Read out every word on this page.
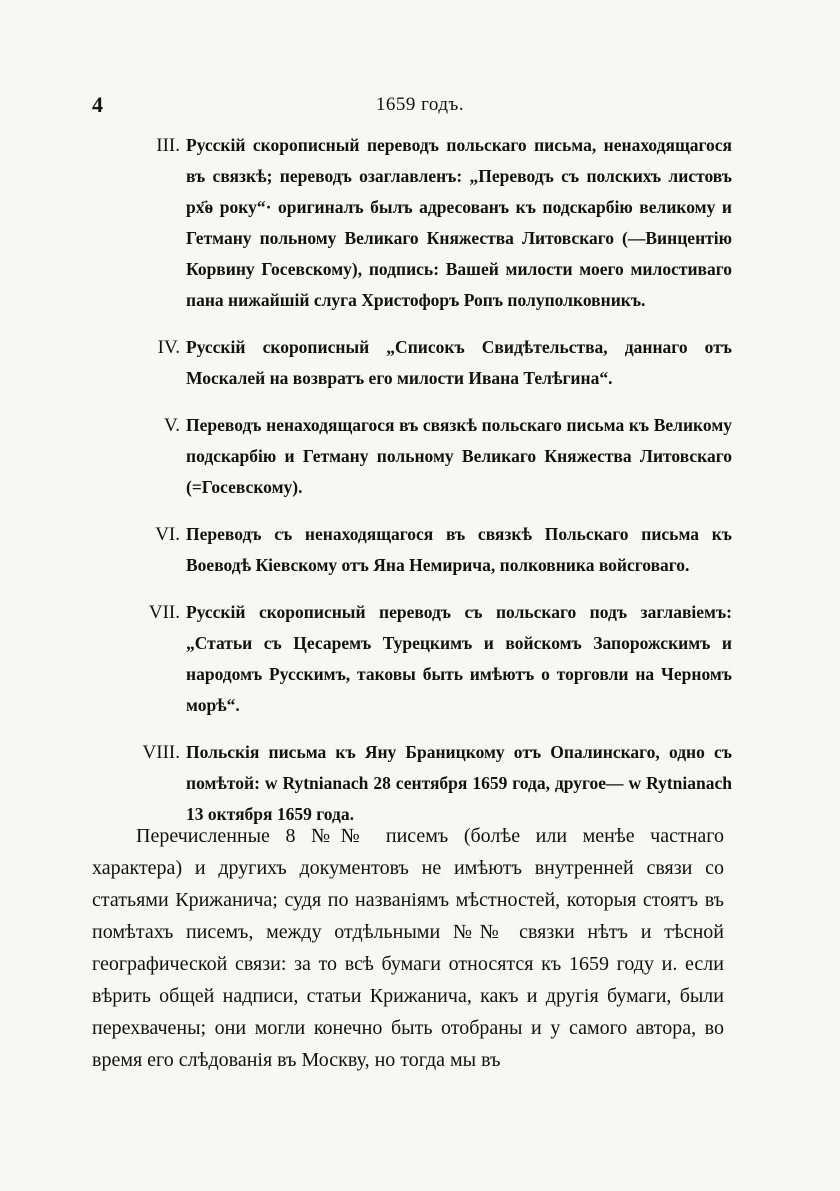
4	1659 годъ.
III. Русскій скорописный переводъ польскаго письма, ненаходящагося въ связкѣ; переводъ озаглавленъ: „Переводъ съ полскихъ листовъ рх҃ѳ року“· оригиналъ былъ адресованъ къ подскарбію великому и Гетману польному Великаго Княжества Литовскаго (—Винцентію Корвину Госевскому), подпись: Вашей милости моего милостиваго пана нижайшій слуга Христофоръ Ропъ полуполковникъ.
IV. Русскій скорописный „Списокъ Свидѣтельства, даннаго отъ Москалей на возвратъ его милости Ивана Телѣгина“.
V. Переводъ ненаходящагося въ связкѣ польскаго письма къ Великому подскарбію и Гетману польному Великаго Княжества Литовскаго (=Госевскому).
VI. Переводъ съ ненаходящагося въ связкѣ Польскаго письма къ Воеводѣ Кіевскому отъ Яна Немирича, полковника войсговаго.
VII. Русскій скорописный переводъ съ польскаго подъ заглавіемъ: „Статьи съ Цесаремъ Турецкимъ и войскомъ Запорожскимъ и народомъ Русскимъ, таковы быть имѣютъ о торговли на Черномъ морѣ“.
VIII. Польскія письма къ Яну Браницкому отъ Опалинскаго, одно съ помѣтой: w Rytnianach 28 сентября 1659 года, другое— w Rytnianach 13 октября 1659 года.

Перечисленные 8 №№ писемъ (болѣе или менѣе частнаго характера) и другихъ документовъ не имѣютъ внутренней связи со статьями Крижанича; судя по названіямъ мѣстностей, которыя стоятъ въ помѣтахъ писемъ, между отдѣльными №№ связки нѣтъ и тѣсной географической связи: за то всѣ бумаги относятся къ 1659 году и. если вѣрить общей надписи, статьи Крижанича, какъ и другія бумаги, были перехвачены; они могли конечно быть отобраны и у самого автора, во время его слѣдованія въ Москву, но тогда мы въ
